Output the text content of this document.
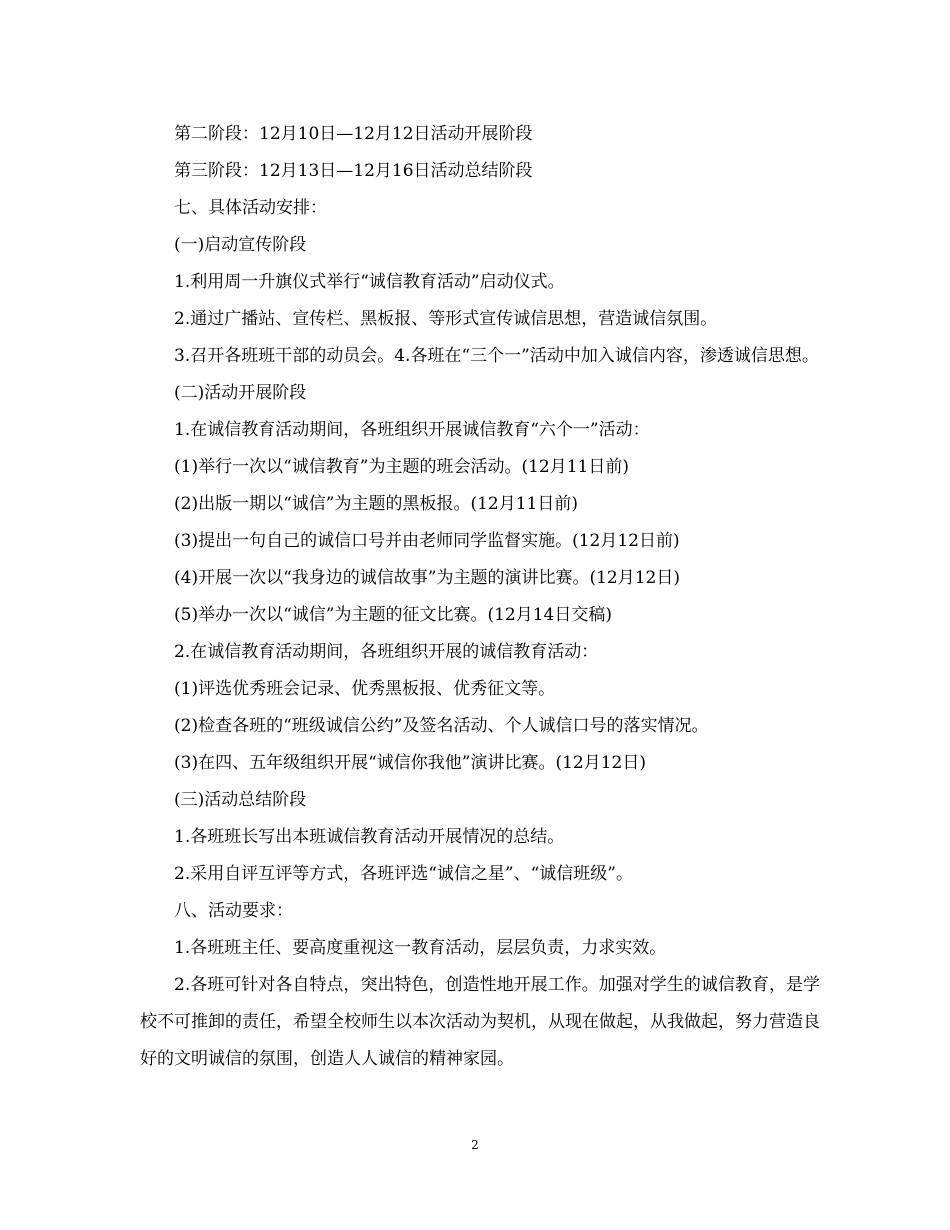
第二阶段：12月10日—12月12日活动开展阶段

第三阶段：12月13日—12月16日活动总结阶段

七、具体活动安排：

(一)启动宣传阶段

1.利用周一升旗仪式举行“诚信教育活动”启动仪式。

2.通过广播站、宣传栏、黑板报、等形式宣传诚信思想，营造诚信氛围。

3.召开各班班干部的动员会。4.各班在“三个一”活动中加入诚信内容，渗透诚信思想。

(二)活动开展阶段

1.在诚信教育活动期间，各班组织开展诚信教育“六个一”活动：

(1)举行一次以“诚信教育”为主题的班会活动。(12月11日前)

(2)出版一期以“诚信”为主题的黑板报。(12月11日前)

(3)提出一句自己的诚信口号并由老师同学监督实施。(12月12日前)

(4)开展一次以“我身边的诚信故事”为主题的演讲比赛。(12月12日)

(5)举办一次以“诚信”为主题的征文比赛。(12月14日交稿)

2.在诚信教育活动期间，各班组织开展的诚信教育活动：

(1)评选优秀班会记录、优秀黑板报、优秀征文等。

(2)检查各班的“班级诚信公约”及签名活动、个人诚信口号的落实情况。

(3)在四、五年级组织开展“诚信你我他”演讲比赛。(12月12日)

(三)活动总结阶段

1.各班班长写出本班诚信教育活动开展情况的总结。

2.采用自评互评等方式，各班评选“诚信之星”、“诚信班级”。

八、活动要求：

1.各班班主任、要高度重视这一教育活动，层层负责，力求实效。

2.各班可针对各自特点，突出特色，创造性地开展工作。加强对学生的诚信教育，是学校不可推卸的责任，希望全校师生以本次活动为契机，从现在做起，从我做起，努力营造良好的文明诚信的氛围，创造人人诚信的精神家园。

2
